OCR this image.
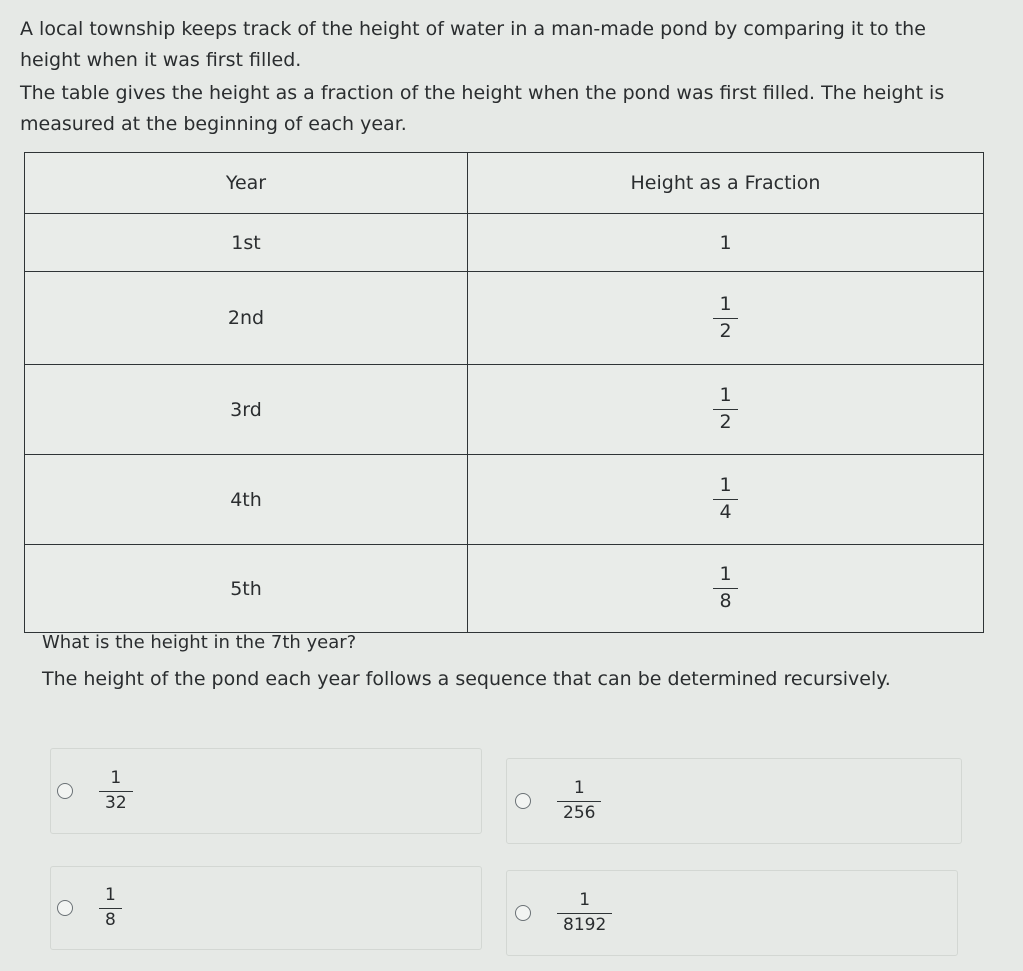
A local township keeps track of the height of water in a man-made pond by comparing it to the height when it was first filled.

The table gives the height as a fraction of the height when the pond was first filled. The height is measured at the beginning of each year.

Year	Height as a Fraction
1st	1
2nd	$\frac{1}{2}$

3rd	$\frac{1}{2}$

4th	$\frac{1}{4}$

5th	$\frac{1}{8}$
What is the height in the 7th year?
The height of the pond each year follows a sequence that can be determined recursively.
$\frac{1}{32}$	$\frac{1}{256}$
$\frac{1}{8}$	$\frac{1}{8192}$
